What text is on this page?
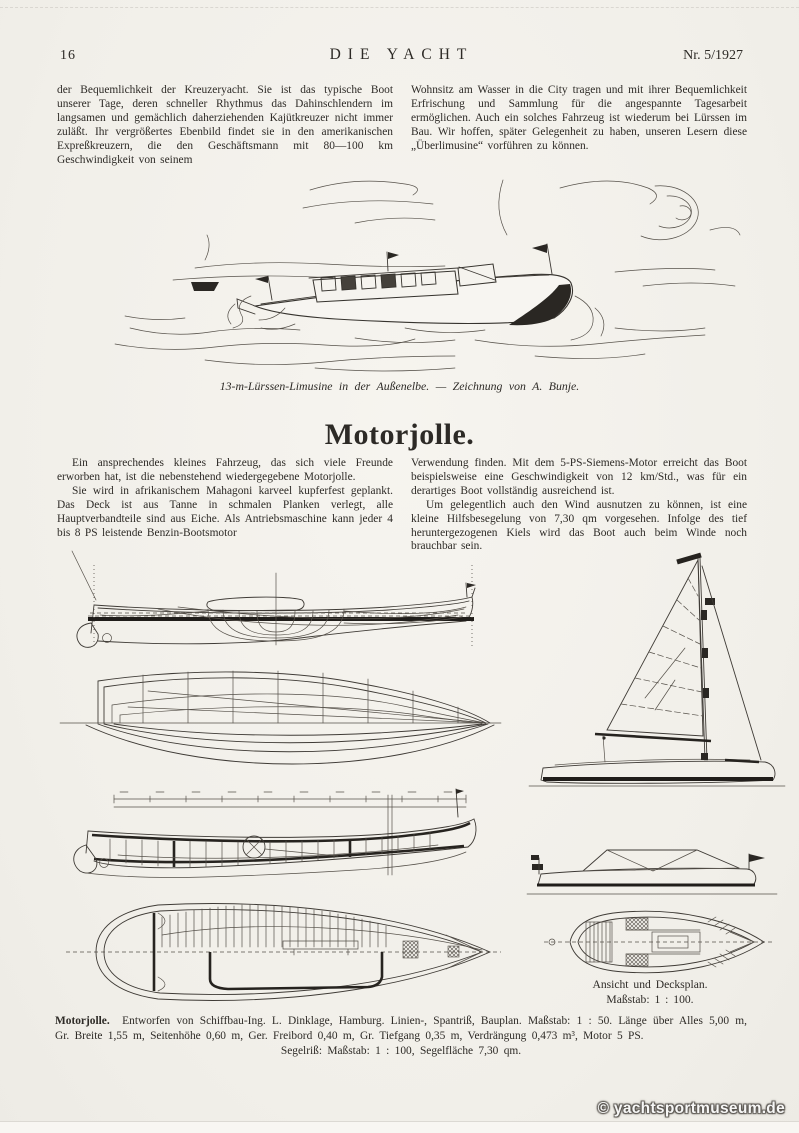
16	DIE YACHT	Nr. 5/1927

der Bequemlichkeit der Kreuzeryacht. Sie ist das typische Boot unserer Tage, deren schneller Rhythmus das Dahinschlendern im langsamen und gemächlich daherziehenden Kajütkreuzer nicht immer zuläßt. Ihr vergrößertes Ebenbild findet sie in den amerikanischen Expreßkreuzern, die den Geschäftsmann mit 80—100 km Geschwindigkeit von seinem

Wohnsitz am Wasser in die City tragen und mit ihrer Bequemlichkeit Erfrischung und Sammlung für die angespannte Tagesarbeit ermöglichen. Auch ein solches Fahrzeug ist wiederum bei Lürssen im Bau. Wir hoffen, später Gelegenheit zu haben, unseren Lesern diese „Überlimusine“ vorführen zu können.

13-m-Lürssen-Limusine in der Außenelbe. — Zeichnung von A. Bunje.
Motorjolle.

Ein ansprechendes kleines Fahrzeug, das sich viele Freunde erworben hat, ist die nebenstehend wiedergegebene Motorjolle.

Sie wird in afrikanischem Mahagoni karveel kupferfest geplankt. Das Deck ist aus Tanne in schmalen Planken verlegt, alle Hauptverbandteile sind aus Eiche. Als Antriebsmaschine kann jeder 4 bis 8 PS leistende Benzin-Bootsmotor

Verwendung finden. Mit dem 5-PS-Siemens-Motor erreicht das Boot beispielsweise eine Geschwindigkeit von 12 km/Std., was für ein derartiges Boot vollständig ausreichend ist.

Um gelegentlich auch den Wind ausnutzen zu können, ist eine kleine Hilfsbesegelung von 7,30 qm vorgesehen. Infolge des tief heruntergezogenen Kiels wird das Boot auch beim Winde noch brauchbar sein.

Ansicht und Decksplan.
Maßstab: 1 : 100.

Motorjolle. Entworfen von Schiffbau-Ing. L. Dinklage, Hamburg. Linien-, Spantriß, Bauplan. Maßstab: 1 : 50. Länge über Alles 5,00 m, Gr. Breite 1,55 m, Seitenhöhe 0,60 m, Ger. Freibord 0,40 m, Gr. Tiefgang 0,35 m, Verdrängung 0,473 m³, Motor 5 PS.

Segelriß: Maßstab: 1 : 100, Segelfläche 7,30 qm.
© yachtsportmuseum.de
